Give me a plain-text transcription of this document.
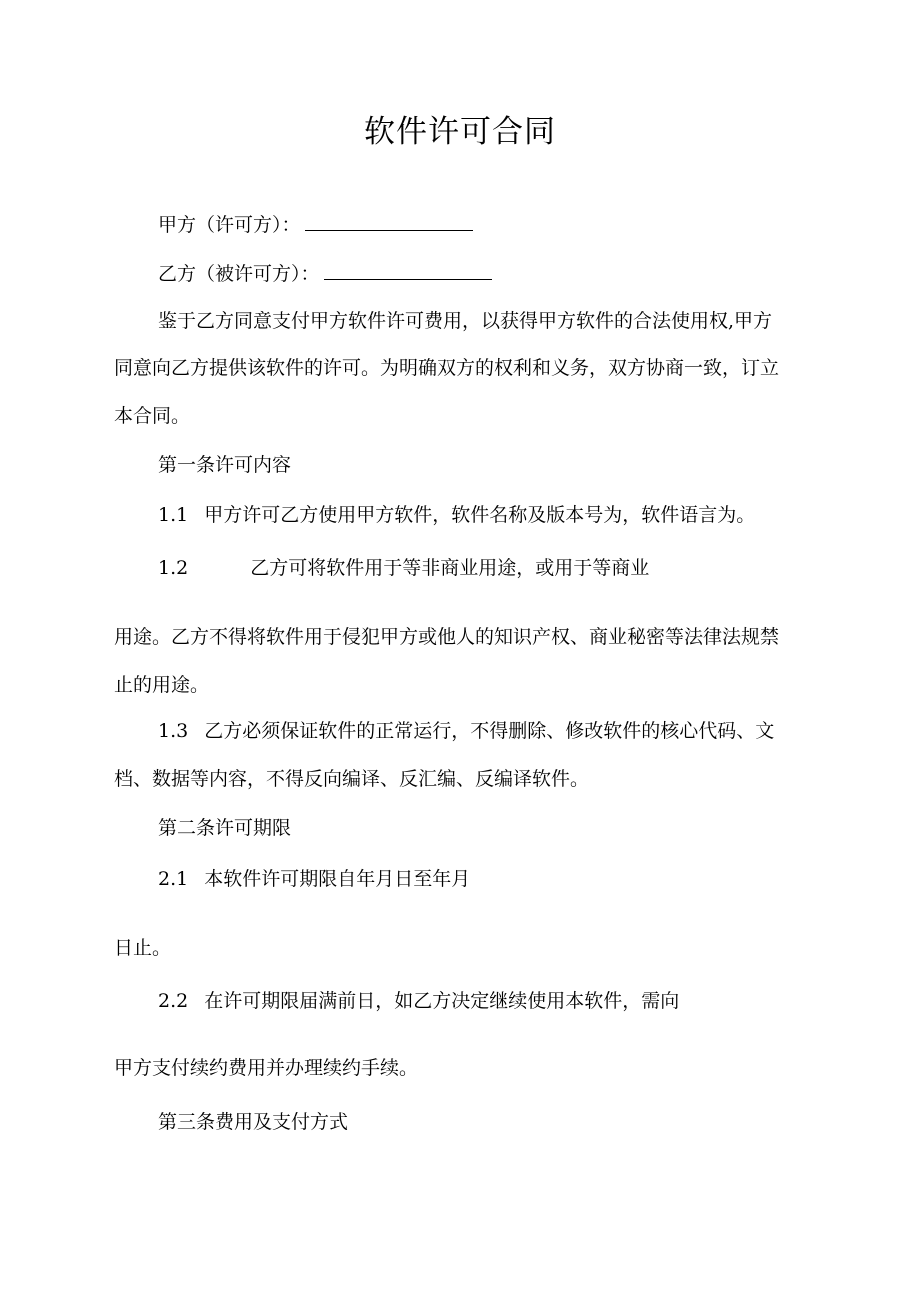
软件许可合同
甲方（许可方）：
乙方（被许可方）：
鉴于乙方同意支付甲方软件许可费用，以获得甲方软件的合法使用权,甲方
同意向乙方提供该软件的许可。为明确双方的权利和义务，双方协商一致，订立
本合同。
第一条许可内容
1.1 甲方许可乙方使用甲方软件，软件名称及版本号为，软件语言为。
1.2	乙方可将软件用于等非商业用途，或用于等商业
用途。乙方不得将软件用于侵犯甲方或他人的知识产权、商业秘密等法律法规禁
止的用途。
1.3 乙方必须保证软件的正常运行，不得删除、修改软件的核心代码、文
档、数据等内容，不得反向编译、反汇编、反编译软件。
第二条许可期限
2.1 本软件许可期限自年月日至年月
日止。
2.2 在许可期限届满前日，如乙方决定继续使用本软件，需向
甲方支付续约费用并办理续约手续。
第三条费用及支付方式
